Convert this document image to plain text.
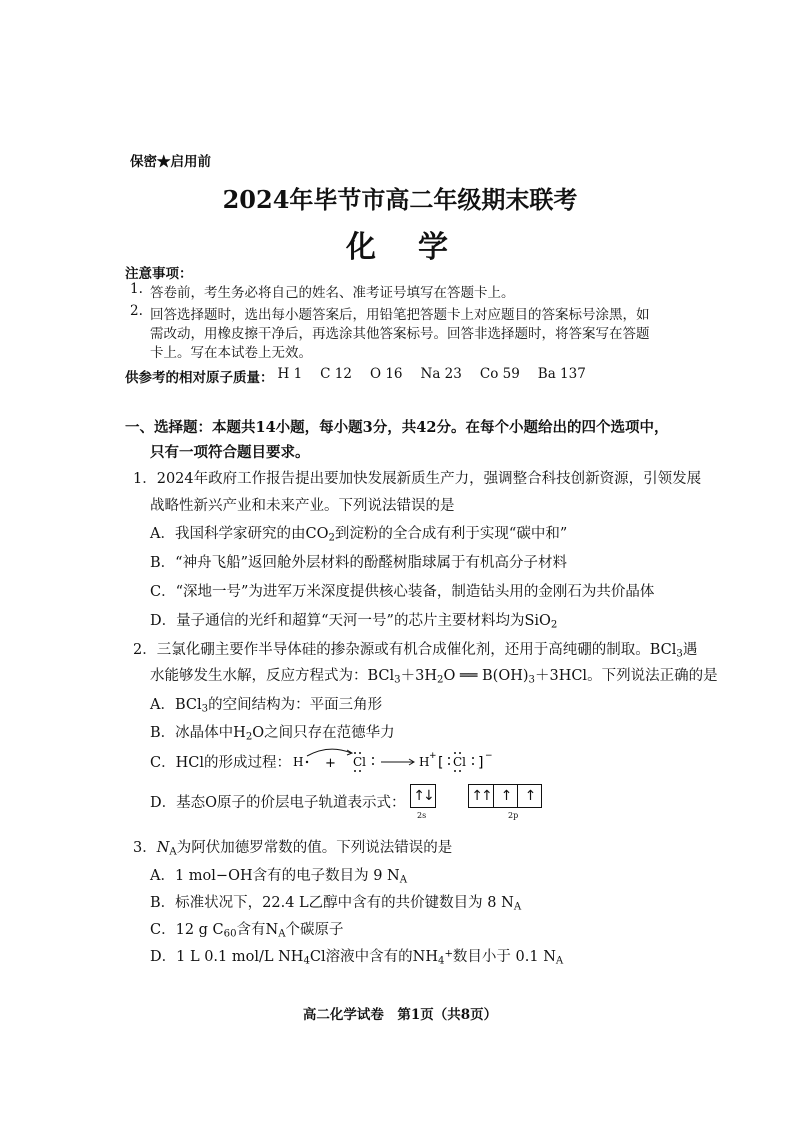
保密★启用前
2024年毕节市高二年级期末联考
化　学
注意事项：
1. 答卷前，考生务必将自己的姓名、准考证号填写在答题卡上。
2. 回答选择题时，选出每小题答案后，用铅笔把答题卡上对应题目的答案标号涂黑，如
需改动，用橡皮擦干净后，再选涂其他答案标号。回答非选择题时，将答案写在答题
卡上。写在本试卷上无效。
供参考的相对原子质量： H 1 C 12 O 16 Na 23 Co 59 Ba 137
一、选择题：本题共14小题，每小题3分，共42分。在每个小题给出的四个选项中，
只有一项符合题目要求。
1．2024年政府工作报告提出要加快发展新质生产力，强调整合科技创新资源，引领发展
战略性新兴产业和未来产业。下列说法错误的是
A．我国科学家研究的由$CO_2$到淀粉的全合成有利于实现“碳中和”
B．“神舟飞船”返回舱外层材料的酚醛树脂球属于有机高分子材料
C．“深地一号”为进军万米深度提供核心装备，制造钻头用的金刚石为共价晶体
D．量子通信的光纤和超算“天河一号”的芯片主要材料均为SiO$_2$
2．三氯化硼主要作半导体硅的掺杂源或有机合成催化剂，还用于高纯硼的制取。BCl$_3$遇
水能够发生水解，反应方程式为：$BCl_3+3H_2O$ ══ $B(OH)_3+3HCl$。下列说法正确的是
A．BCl$_3$的空间结构为：平面三角形
B．冰晶体中$H_2O$之间只存在范德华力
C．HCl的形成过程： H + Cl	H + [ Cl ] −
D．基态O原子的价层电子轨道表示式： ↑↓
2s
↑↑ ↑	↑
2p
3．$N_A$为阿伏加德罗常数的值。下列说法错误的是
A．1 mol−OH含有的电子数目为 9 $N_A$
B．标准状况下，22.4 L乙醇中含有的共价键数目为 8 $N_A$
C．12 g $C_{60}$含有$N_A$个碳原子
D．1 L 0.1 mol/L $NH_4Cl$溶液中含有的$NH_4^+$数目小于 0.1 $N_A$
高二化学试卷　第1页（共8页）
